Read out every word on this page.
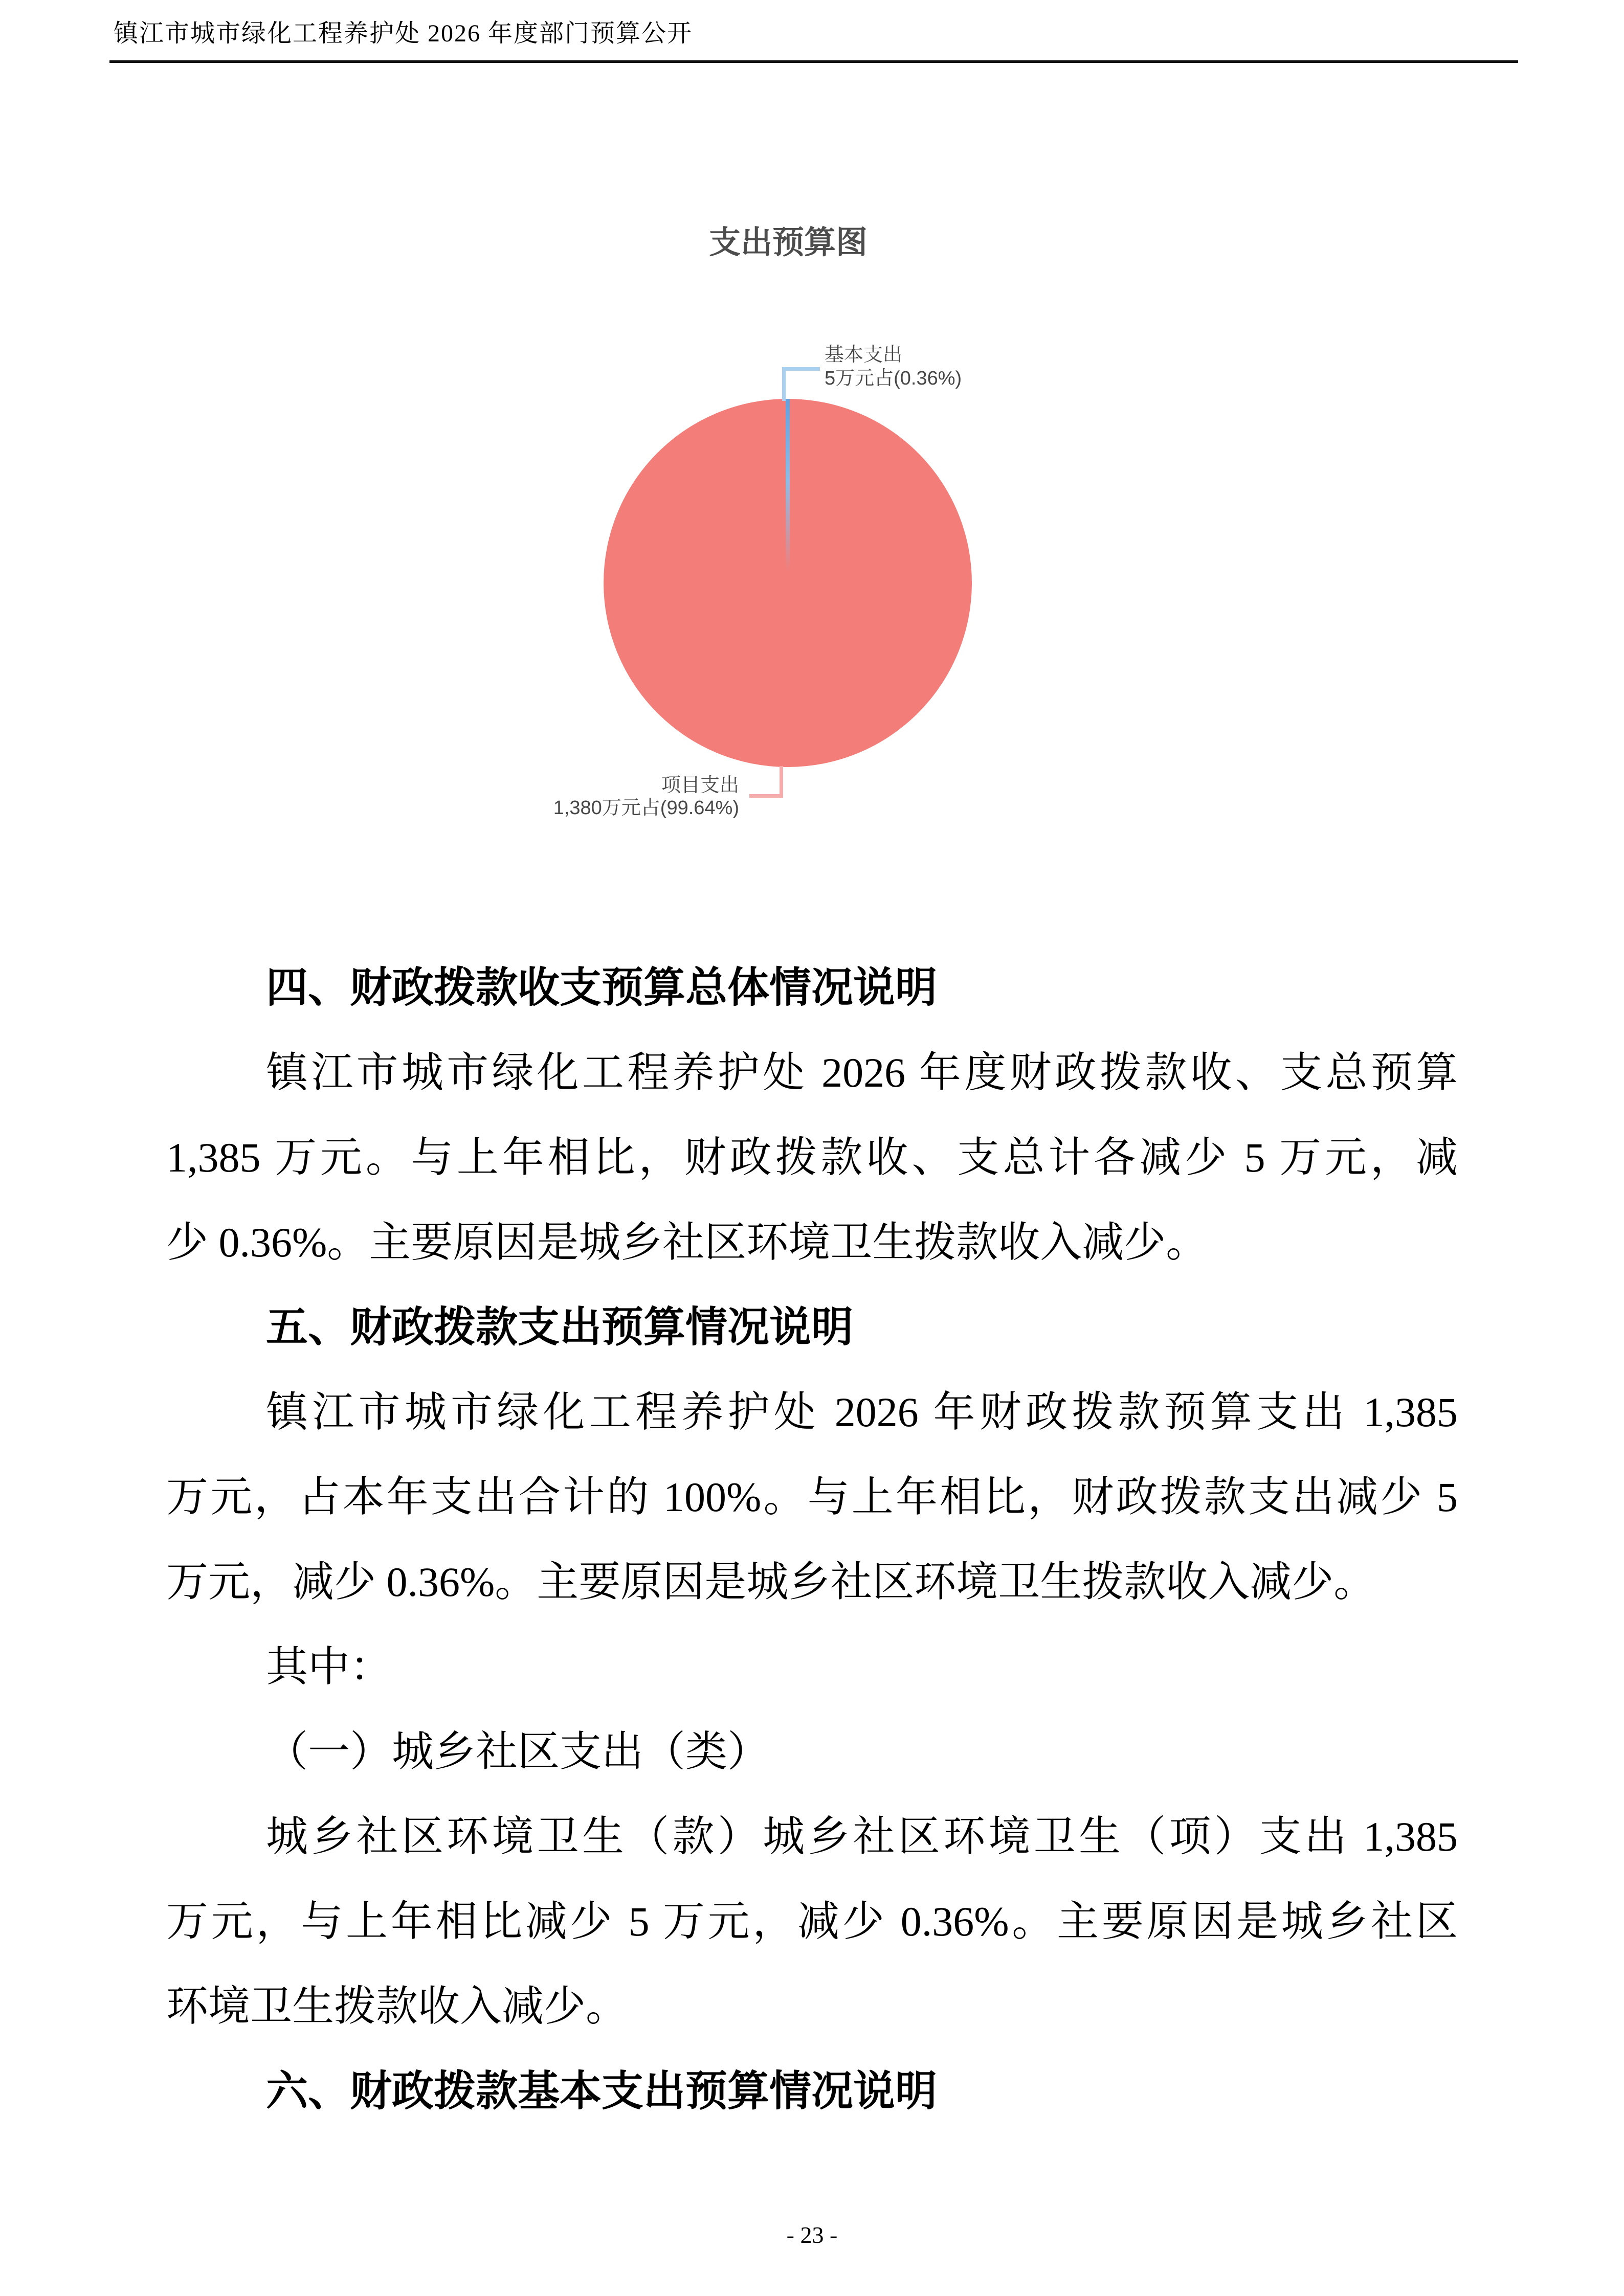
镇江市城市绿化工程养护处 2026 年度部门预算公开
支出预算图
基本支出
5万元占(0.36%)
项目支出
1,380万元占(99.64%)
四、财政拨款收支预算总体情况说明
镇江市城市绿化工程养护处 2026 年度财政拨款收、支总预算
1,385 万元。与上年相比，财政拨款收、支总计各减少 5 万元，减
少 0.36%。主要原因是城乡社区环境卫生拨款收入减少。
五、财政拨款支出预算情况说明
镇江市城市绿化工程养护处 2026 年财政拨款预算支出 1,385
万元，占本年支出合计的 100%。与上年相比，财政拨款支出减少 5
万元，减少 0.36%。主要原因是城乡社区环境卫生拨款收入减少。
其中：
（一）城乡社区支出（类）
城乡社区环境卫生（款）城乡社区环境卫生（项）支出 1,385
万元，与上年相比减少 5 万元，减少 0.36%。主要原因是城乡社区
环境卫生拨款收入减少。
六、财政拨款基本支出预算情况说明
- 23 -
